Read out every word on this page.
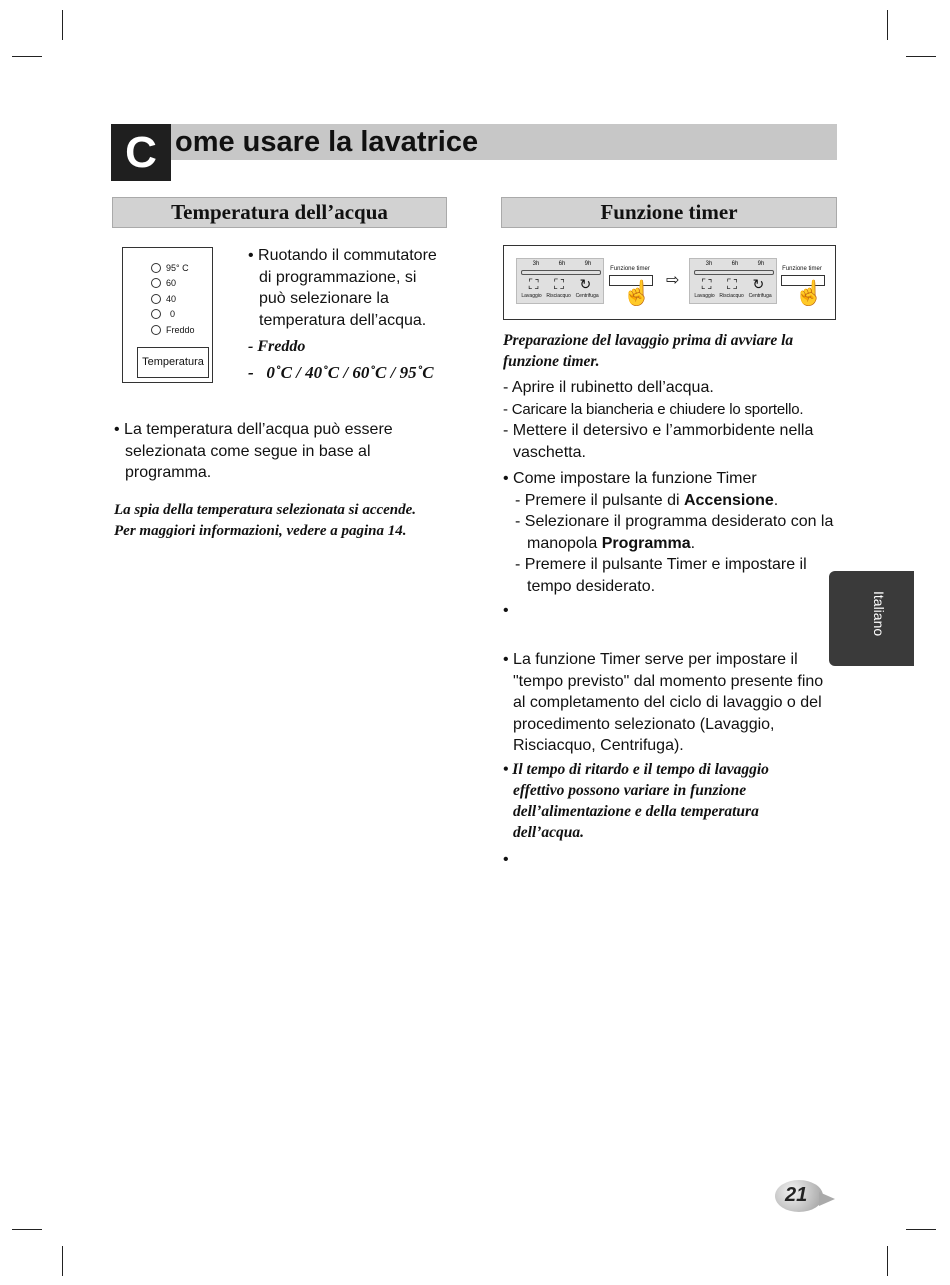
C ome usare la lavatrice
Temperatura dell’acqua
95° C
60
40
0
Freddo
Temperatura

• Ruotando il commutatore

di programmazione, si

può selezionare la

temperatura dell’acqua.

- Freddo
-   0˚C / 40˚C / 60˚C / 95˚C

• La temperatura dell’acqua può essere

selezionata come segue in base al

programma.

La spia della temperatura selezionata si accende.

Per maggiori informazioni, vedere a pagina 14.

Funzione timer
3h	6h	9h
⛶ ⛶ ↻
Lavaggio Risciacquo Centrifuga
Funzione timer
☝ ⇨
3h	6h	9h
⛶ ⛶ ↻
Lavaggio Risciacquo Centrifuga
Funzione timer
☝

Preparazione del lavaggio prima di avviare la

funzione timer.

- Aprire il rubinetto dell’acqua.

- Caricare la biancheria e chiudere lo sportello.

- Mettere il detersivo e l’ammorbidente nella vaschetta.

• Come impostare la funzione Timer

- Premere il pulsante di Accensione.

- Selezionare il programma desiderato con la manopola Programma.

- Premere il pulsante Timer e impostare il tempo desiderato.

•

• La funzione Timer serve per impostare il "tempo previsto" dal momento presente fino al completamento del ciclo di lavaggio o del procedimento selezionato (Lavaggio, Risciacquo, Centrifuga).

• Il tempo di ritardo e il tempo di lavaggio effettivo possono variare in funzione dell’alimentazione e della temperatura dell’acqua.

•
Italiano
21
